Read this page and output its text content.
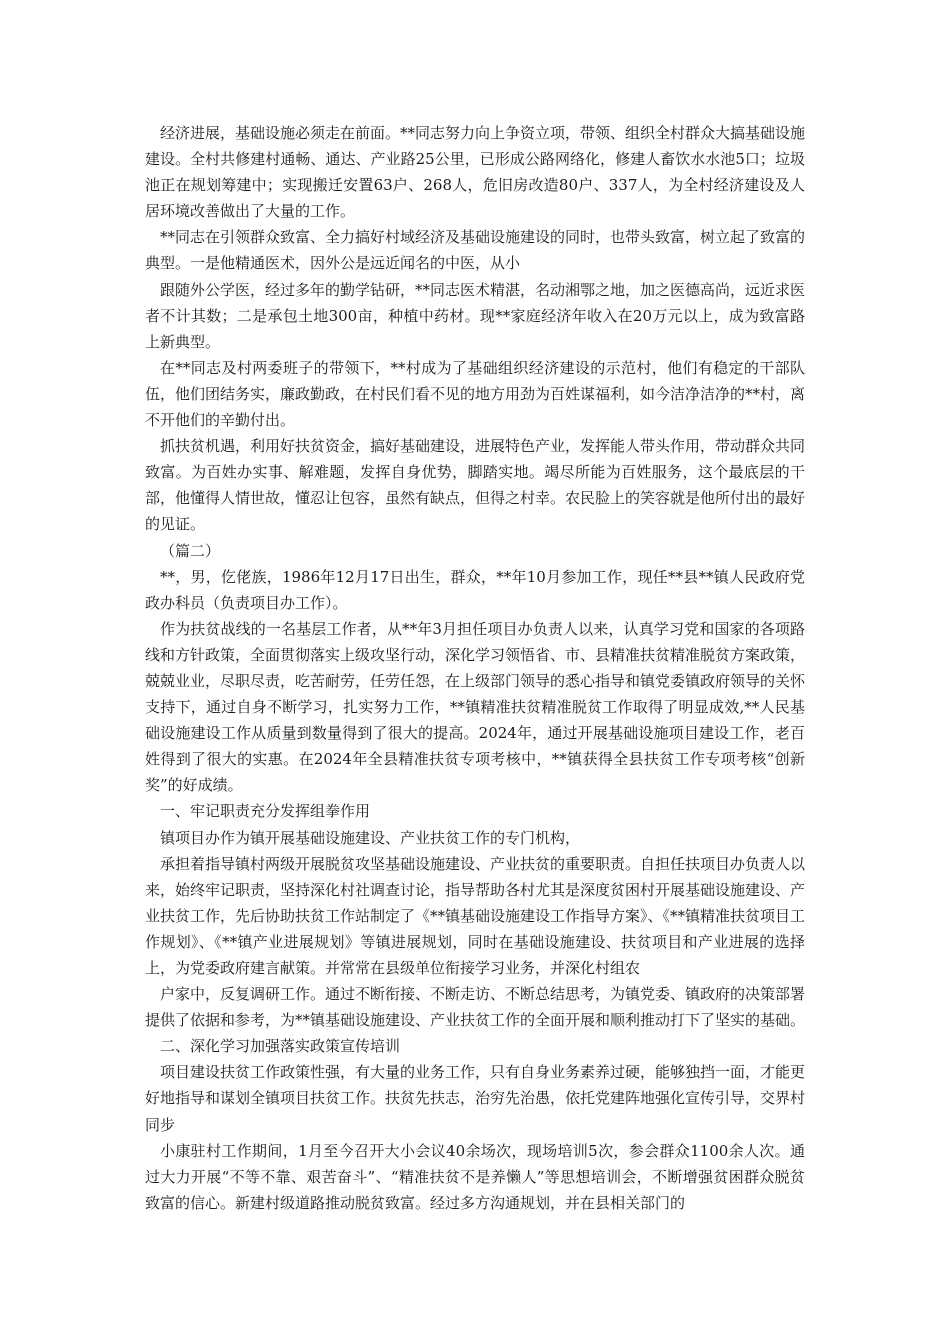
经济进展，基础设施必须走在前面。**同志努力向上争资立项，带领、组织全村群众大搞基础设施建设。全村共修建村通畅、通达、产业路25公里，已形成公路网络化，修建人畜饮水水池5口；垃圾池正在规划筹建中；实现搬迁安置63户、268人，危旧房改造80户、337人，为全村经济建设及人居环境改善做出了大量的工作。

**同志在引领群众致富、全力搞好村域经济及基础设施建设的同时，也带头致富，树立起了致富的典型。一是他精通医术，因外公是远近闻名的中医，从小

跟随外公学医，经过多年的勤学钻研，**同志医术精湛，名动湘鄂之地，加之医德高尚，远近求医者不计其数；二是承包土地300亩，种植中药材。现**家庭经济年收入在20万元以上，成为致富路上新典型。

在**同志及村两委班子的带领下，**村成为了基础组织经济建设的示范村，他们有稳定的干部队伍，他们团结务实，廉政勤政，在村民们看不见的地方用劲为百姓谋福利，如今洁净洁净的**村，离不开他们的辛勤付出。

抓扶贫机遇，利用好扶贫资金，搞好基础建设，进展特色产业，发挥能人带头作用，带动群众共同致富。为百姓办实事、解难题，发挥自身优势，脚踏实地。竭尽所能为百姓服务，这个最底层的干部，他懂得人情世故，懂忍让包容，虽然有缺点，但得之村幸。农民脸上的笑容就是他所付出的最好的见证。

（篇二）

**，男，仡佬族，1986年12月17日出生，群众，**年10月参加工作，现任**县**镇人民政府党政办科员（负责项目办工作）。

作为扶贫战线的一名基层工作者，从**年3月担任项目办负责人以来，认真学习党和国家的各项路线和方针政策，全面贯彻落实上级攻坚行动，深化学习领悟省、市、县精准扶贫精准脱贫方案政策，兢兢业业，尽职尽责，吃苦耐劳，任劳任怨，在上级部门领导的悉心指导和镇党委镇政府领导的关怀支持下，通过自身不断学习，扎实努力工作，**镇精准扶贫精准脱贫工作取得了明显成效,**人民基础设施建设工作从质量到数量得到了很大的提高。2024年，通过开展基础设施项目建设工作，老百姓得到了很大的实惠。在2024年全县精准扶贫专项考核中，**镇获得全县扶贫工作专项考核“创新奖”的好成绩。

一、牢记职责充分发挥组拳作用

镇项目办作为镇开展基础设施建设、产业扶贫工作的专门机构，

承担着指导镇村两级开展脱贫攻坚基础设施建设、产业扶贫的重要职责。自担任扶项目办负责人以来，始终牢记职责，坚持深化村社调查讨论，指导帮助各村尤其是深度贫困村开展基础设施建设、产业扶贫工作，先后协助扶贫工作站制定了《**镇基础设施建设工作指导方案》、《**镇精准扶贫项目工作规划》、《**镇产业进展规划》等镇进展规划，同时在基础设施建设、扶贫项目和产业进展的选择上，为党委政府建言献策。并常常在县级单位衔接学习业务，并深化村组农

户家中，反复调研工作。通过不断衔接、不断走访、不断总结思考，为镇党委、镇政府的决策部署提供了依据和参考，为**镇基础设施建设、产业扶贫工作的全面开展和顺利推动打下了坚实的基础。

二、深化学习加强落实政策宣传培训

项目建设扶贫工作政策性强，有大量的业务工作，只有自身业务素养过硬，能够独挡一面，才能更好地指导和谋划全镇项目扶贫工作。扶贫先扶志，治穷先治愚，依托党建阵地强化宣传引导，交界村同步

小康驻村工作期间，1月至今召开大小会议40余场次，现场培训5次，参会群众1100余人次。通过大力开展“不等不靠、艰苦奋斗”、“精准扶贫不是养懒人”等思想培训会，不断增强贫困群众脱贫致富的信心。新建村级道路推动脱贫致富。经过多方沟通规划，并在县相关部门的
